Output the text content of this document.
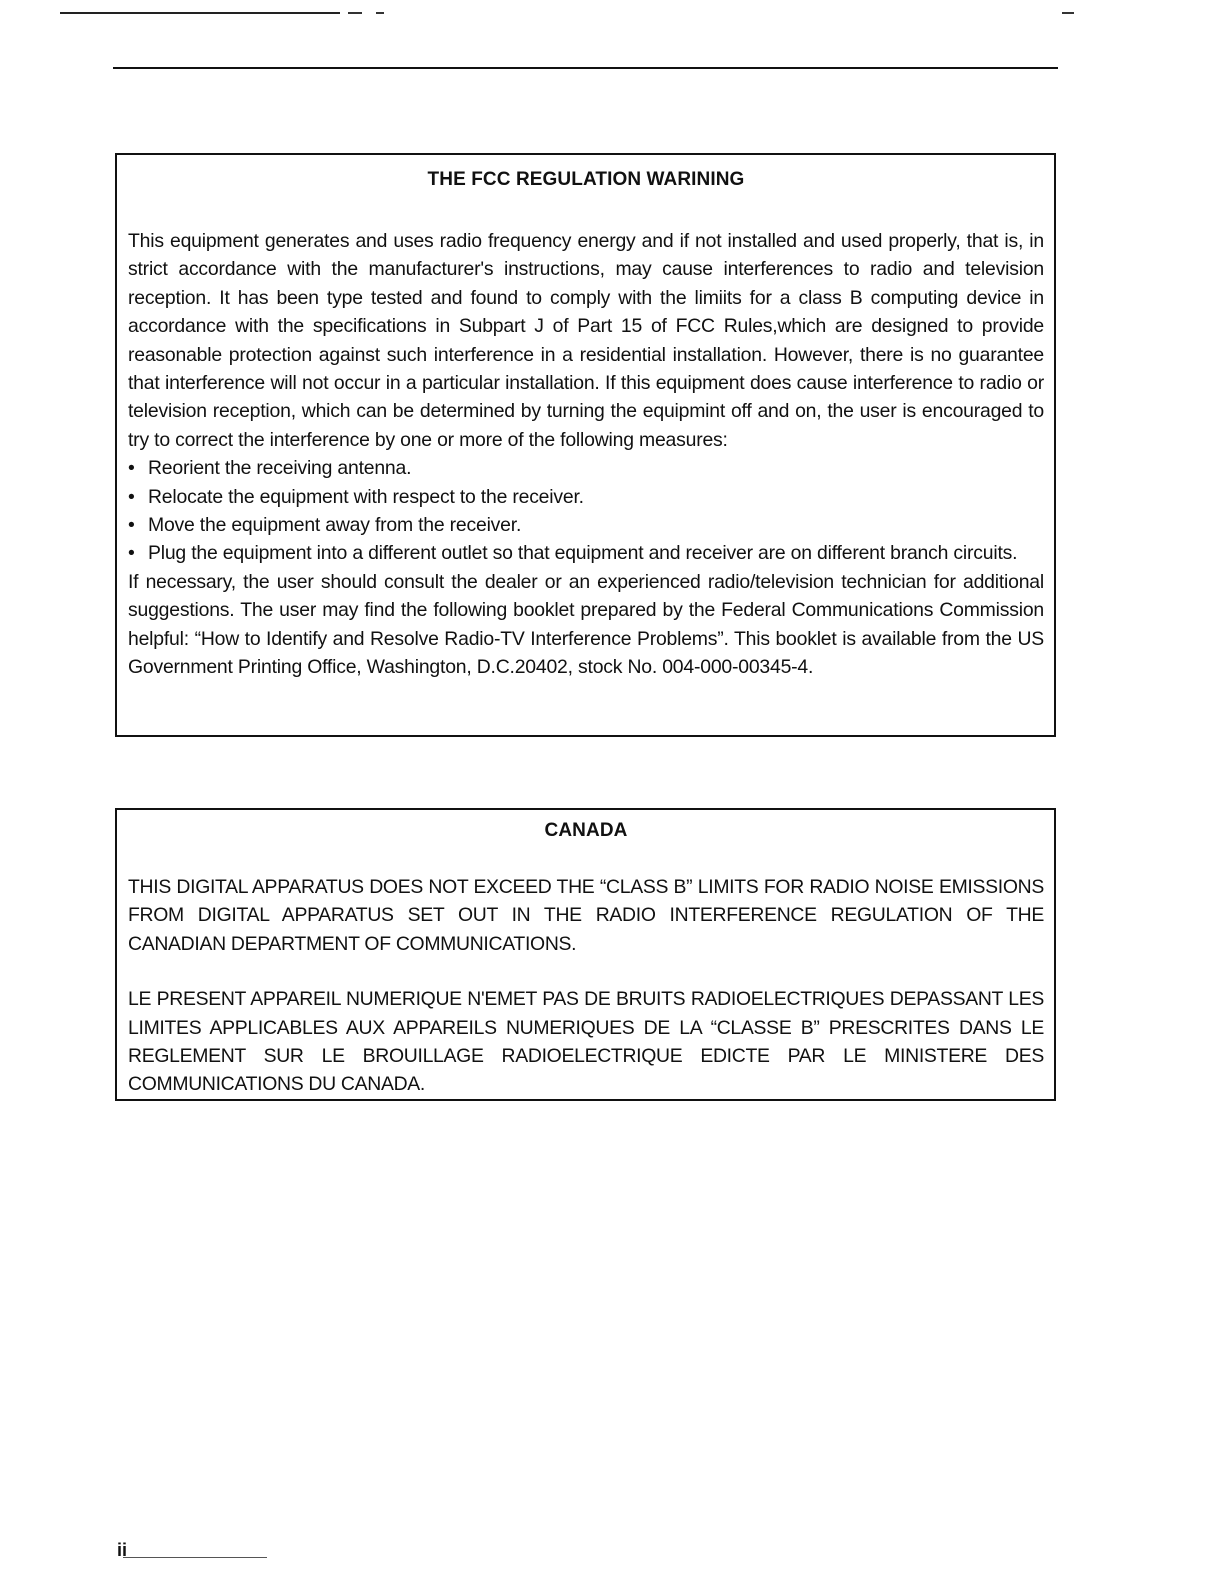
THE FCC REGULATION WARINING

This equipment generates and uses radio frequency energy and if not installed and used properly, that is, in strict accordance with the manufacturer's instructions, may cause interferences to radio and television reception. It has been type tested and found to comply with the limiits for a class B computing device in accordance with the specifications in Subpart J of Part 15 of FCC Rules,which are designed to provide reasonable protection against such interference in a residential installation. However, there is no guarantee that interference will not occur in a particular installation. If this equipment does cause interference to radio or television reception, which can be determined by turning the equipmint off and on, the user is encouraged to try to correct the interference by one or more of the following measures:

• Reorient the receiving antenna.
• Relocate the equipment with respect to the receiver.
• Move the equipment away from the receiver.
• Plug the equipment into a different outlet so that equipment and receiver are on different branch circuits.

If necessary, the user should consult the dealer or an experienced radio/television technician for additional suggestions. The user may find the following booklet prepared by the Federal Communications Commission helpful: “How to Identify and Resolve Radio-TV Interference Problems”. This booklet is available from the US Government Printing Office, Washington, D.C.20402, stock No. 004-000-00345-4.

CANADA

THIS DIGITAL APPARATUS DOES NOT EXCEED THE “CLASS B” LIMITS FOR RADIO NOISE EMISSIONS FROM DIGITAL APPARATUS SET OUT IN THE RADIO INTERFERENCE REGULATION OF THE CANADIAN DEPARTMENT OF COMMUNICATIONS.

LE PRESENT APPAREIL NUMERIQUE N'EMET PAS DE BRUITS RADIOELECTRIQUES DEPASSANT LES LIMITES APPLICABLES AUX APPAREILS NUMERIQUES DE LA “CLASSE B” PRESCRITES DANS LE REGLEMENT SUR LE BROUILLAGE RADIOELECTRIQUE EDICTE PAR LE MINISTERE DES COMMUNICATIONS DU CANADA.

ii
